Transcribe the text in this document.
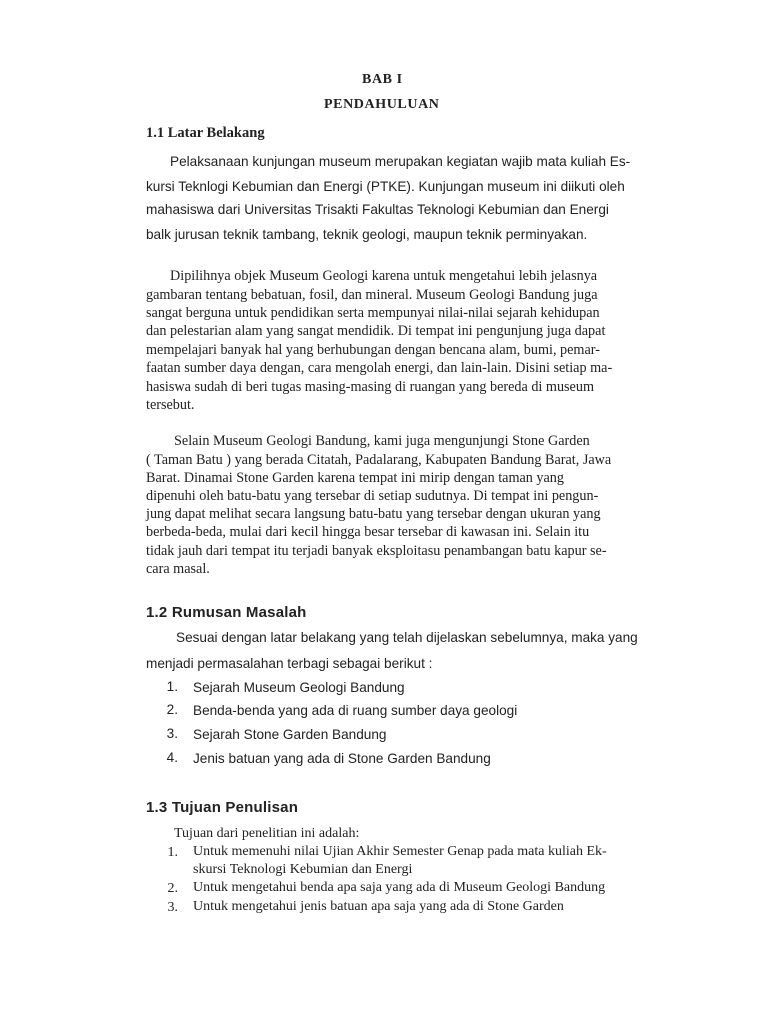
BAB I
PENDAHULUAN
1.1 Latar Belakang
Pelaksanaan kunjungan museum merupakan kegiatan wajib mata kuliah Es-
kursi Teknlogi Kebumian dan Energi (PTKE). Kunjungan museum ini diikuti oleh
mahasiswa dari Universitas Trisakti Fakultas Teknologi Kebumian dan Energi
balk jurusan teknik tambang, teknik geologi, maupun teknik perminyakan.
Dipilihnya objek Museum Geologi karena untuk mengetahui lebih jelasnya
gambaran tentang bebatuan, fosil, dan mineral. Museum Geologi Bandung juga
sangat berguna untuk pendidikan serta mempunyai nilai-nilai sejarah kehidupan
dan pelestarian alam yang sangat mendidik. Di tempat ini pengunjung juga dapat
mempelajari banyak hal yang berhubungan dengan bencana alam, bumi, pemar-
faatan sumber daya dengan, cara mengolah energi, dan lain-lain. Disini setiap ma-
hasiswa sudah di beri tugas masing-masing di ruangan yang bereda di museum
tersebut.
Selain Museum Geologi Bandung, kami juga mengunjungi Stone Garden
( Taman Batu ) yang berada Citatah, Padalarang, Kabupaten Bandung Barat, Jawa
Barat. Dinamai Stone Garden karena tempat ini mirip dengan taman yang
dipenuhi oleh batu-batu yang tersebar di setiap sudutnya. Di tempat ini pengun-
jung dapat melihat secara langsung batu-batu yang tersebar dengan ukuran yang
berbeda-beda, mulai dari kecil hingga besar tersebar di kawasan ini. Selain itu
tidak jauh dari tempat itu terjadi banyak eksploitasu penambangan batu kapur se-
cara masal.
1.2 Rumusan Masalah
Sesuai dengan latar belakang yang telah dijelaskan sebelumnya, maka yang
menjadi permasalahan terbagi sebagai berikut :
1. Sejarah Museum Geologi Bandung
2. Benda-benda yang ada di ruang sumber daya geologi
3. Sejarah Stone Garden Bandung
4. Jenis batuan yang ada di Stone Garden Bandung
1.3 Tujuan Penulisan
Tujuan dari penelitian ini adalah:
1. Untuk memenuhi nilai Ujian Akhir Semester Genap pada mata kuliah Ek-
skursi Teknologi Kebumian dan Energi
2. Untuk mengetahui benda apa saja yang ada di Museum Geologi Bandung
3. Untuk mengetahui jenis batuan apa saja yang ada di Stone Garden
